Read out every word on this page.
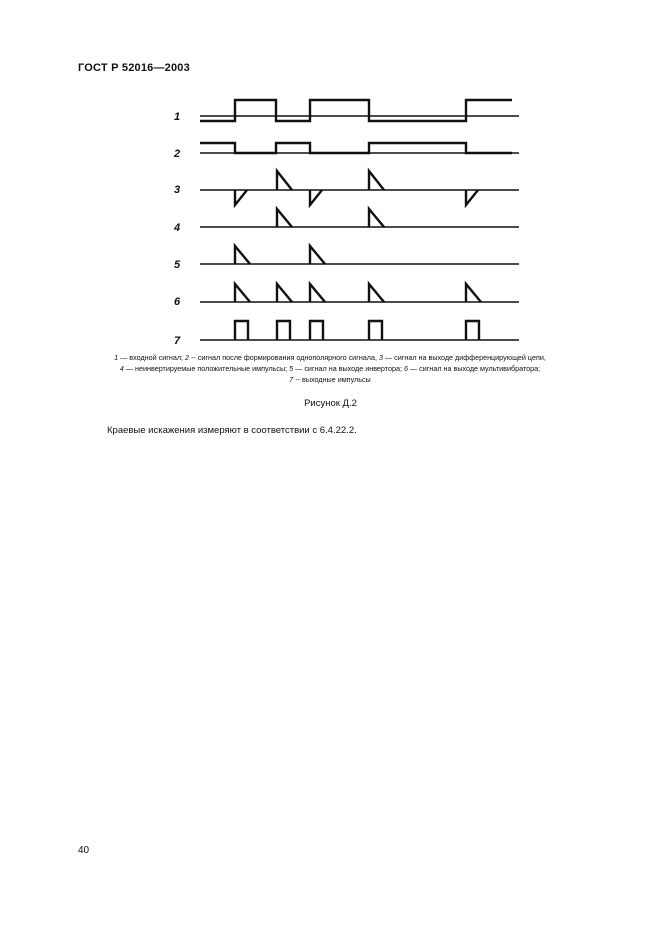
ГОСТ Р 52016—2003
1
2
3
4
5
6
7
1 — входной сигнал; 2 -- сигнал после формирования однополярного сигнала, 3 — сигнал на выходе дифференцирующей цепи,
4 — неинвертируемые положительные импульсы; 5 — сигнал на выходе инвертора; 6 — сигнал на выходе мультивибратора;
7 -- выходные импульсы
Рисунок Д.2
Краевые искажения измеряют в соответствии с 6.4.22.2.
40
